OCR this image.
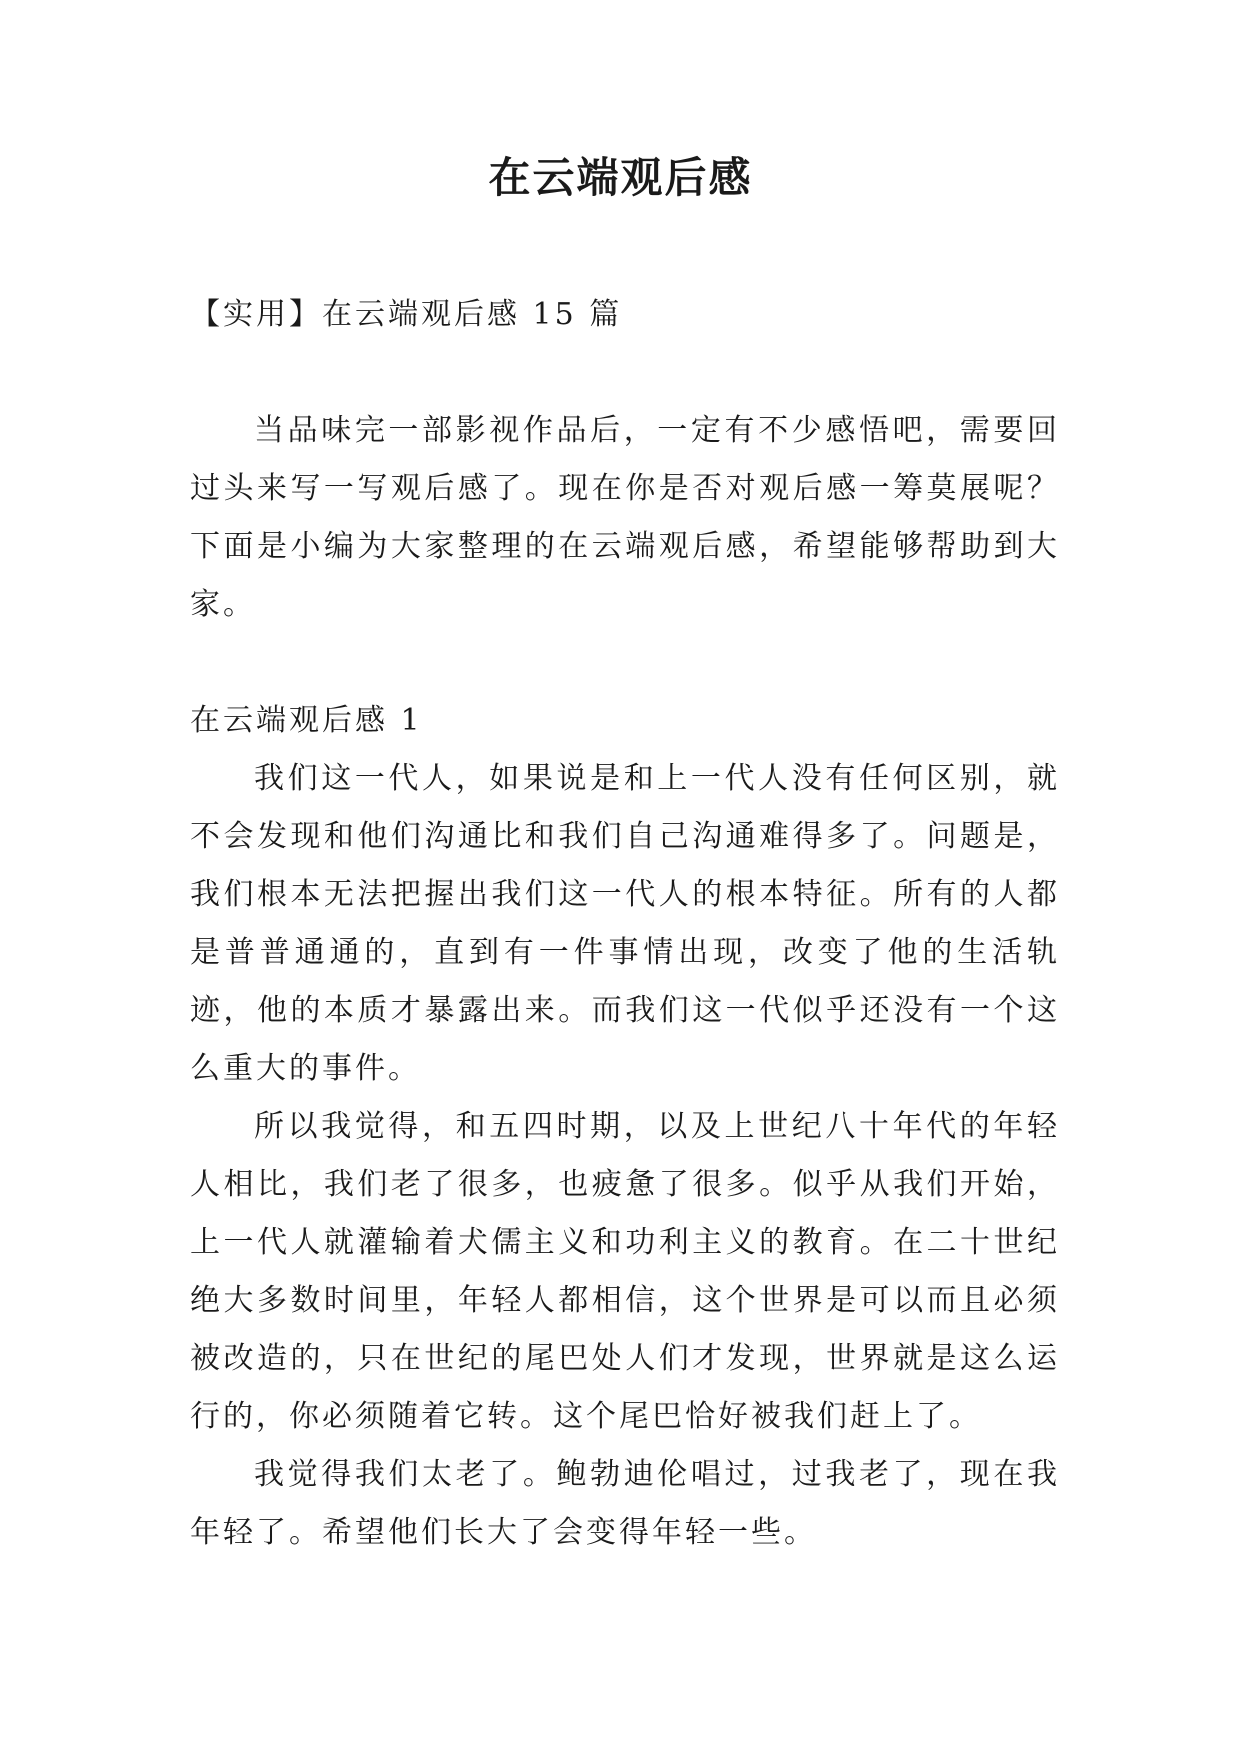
在云端观后感

【实用】在云端观后感 15 篇

当品味完一部影视作品后，一定有不少感悟吧，需要回过头来写一写观后感了。现在你是否对观后感一筹莫展呢？下面是小编为大家整理的在云端观后感，希望能够帮助到大家。

在云端观后感 1

我们这一代人，如果说是和上一代人没有任何区别，就不会发现和他们沟通比和我们自己沟通难得多了。问题是，我们根本无法把握出我们这一代人的根本特征。所有的人都是普普通通的，直到有一件事情出现，改变了他的生活轨迹，他的本质才暴露出来。而我们这一代似乎还没有一个这么重大的事件。

所以我觉得，和五四时期，以及上世纪八十年代的年轻人相比，我们老了很多，也疲惫了很多。似乎从我们开始，上一代人就灌输着犬儒主义和功利主义的教育。在二十世纪绝大多数时间里，年轻人都相信，这个世界是可以而且必须被改造的，只在世纪的尾巴处人们才发现，世界就是这么运行的，你必须随着它转。这个尾巴恰好被我们赶上了。

我觉得我们太老了。鲍勃迪伦唱过，过我老了，现在我年轻了。希望他们长大了会变得年轻一些。
